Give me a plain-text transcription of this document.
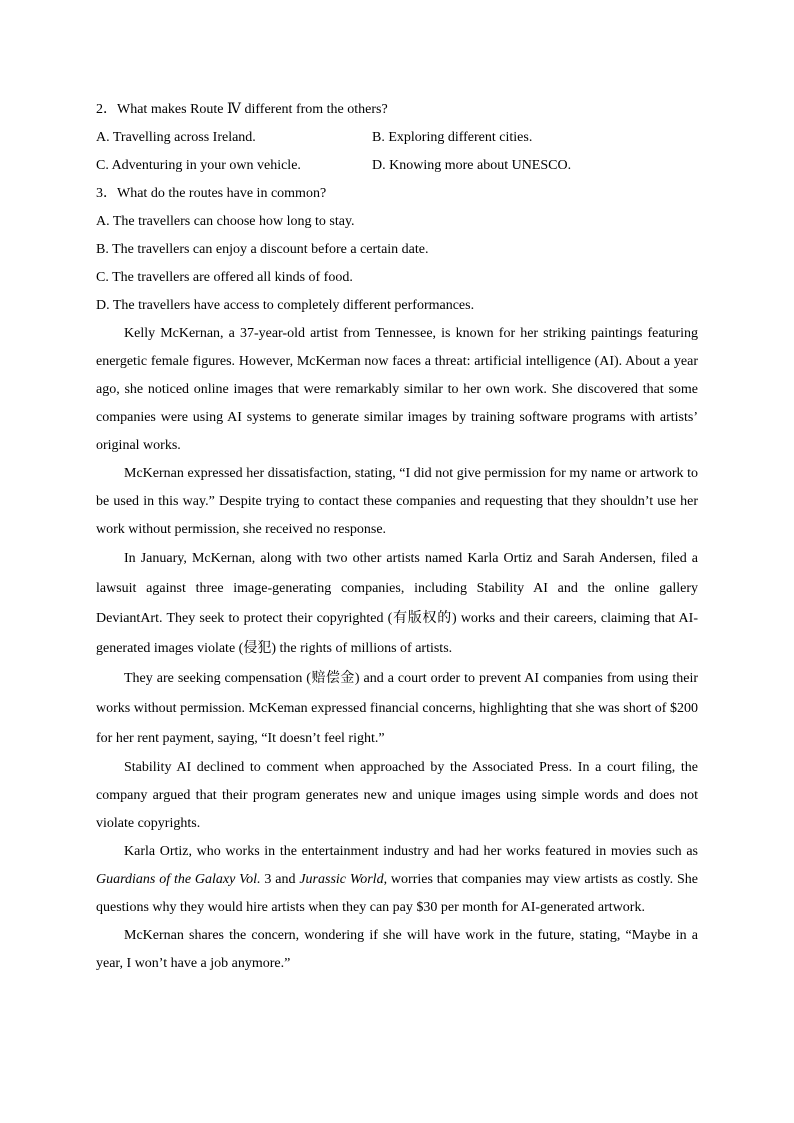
2．What makes Route Ⅳ different from the others?

A. Travelling across Ireland.	B. Exploring different cities.
C. Adventuring in your own vehicle.	D. Knowing more about UNESCO.

3．What do the routes have in common?

A. The travellers can choose how long to stay.

B. The travellers can enjoy a discount before a certain date.

C. The travellers are offered all kinds of food.

D. The travellers have access to completely different performances.

Kelly McKernan, a 37-year-old artist from Tennessee, is known for her striking paintings featuring energetic female figures. However, McKerman now faces a threat: artificial intelligence (AI). About a year ago, she noticed online images that were remarkably similar to her own work. She discovered that some companies were using AI systems to generate similar images by training software programs with artists’ original works.

McKernan expressed her dissatisfaction, stating, “I did not give permission for my name or artwork to be used in this way.” Despite trying to contact these companies and requesting that they shouldn’t use her work without permission, she received no response.

In January, McKernan, along with two other artists named Karla Ortiz and Sarah Andersen, filed a lawsuit against three image-generating companies, including Stability AI and the online gallery DeviantArt. They seek to protect their copyrighted (有版权的) works and their careers, claiming that AI-generated images violate (侵犯) the rights of millions of artists.

They are seeking compensation (赔偿金) and a court order to prevent AI companies from using their works without permission. McKeman expressed financial concerns, highlighting that she was short of $200 for her rent payment, saying, “It doesn’t feel right.”

Stability AI declined to comment when approached by the Associated Press. In a court filing, the company argued that their program generates new and unique images using simple words and does not violate copyrights.

Karla Ortiz, who works in the entertainment industry and had her works featured in movies such as Guardians of the Galaxy Vol. 3 and Jurassic World, worries that companies may view artists as costly. She questions why they would hire artists when they can pay $30 per month for AI-generated artwork.

McKernan shares the concern, wondering if she will have work in the future, stating, “Maybe in a year, I won’t have a job anymore.”
